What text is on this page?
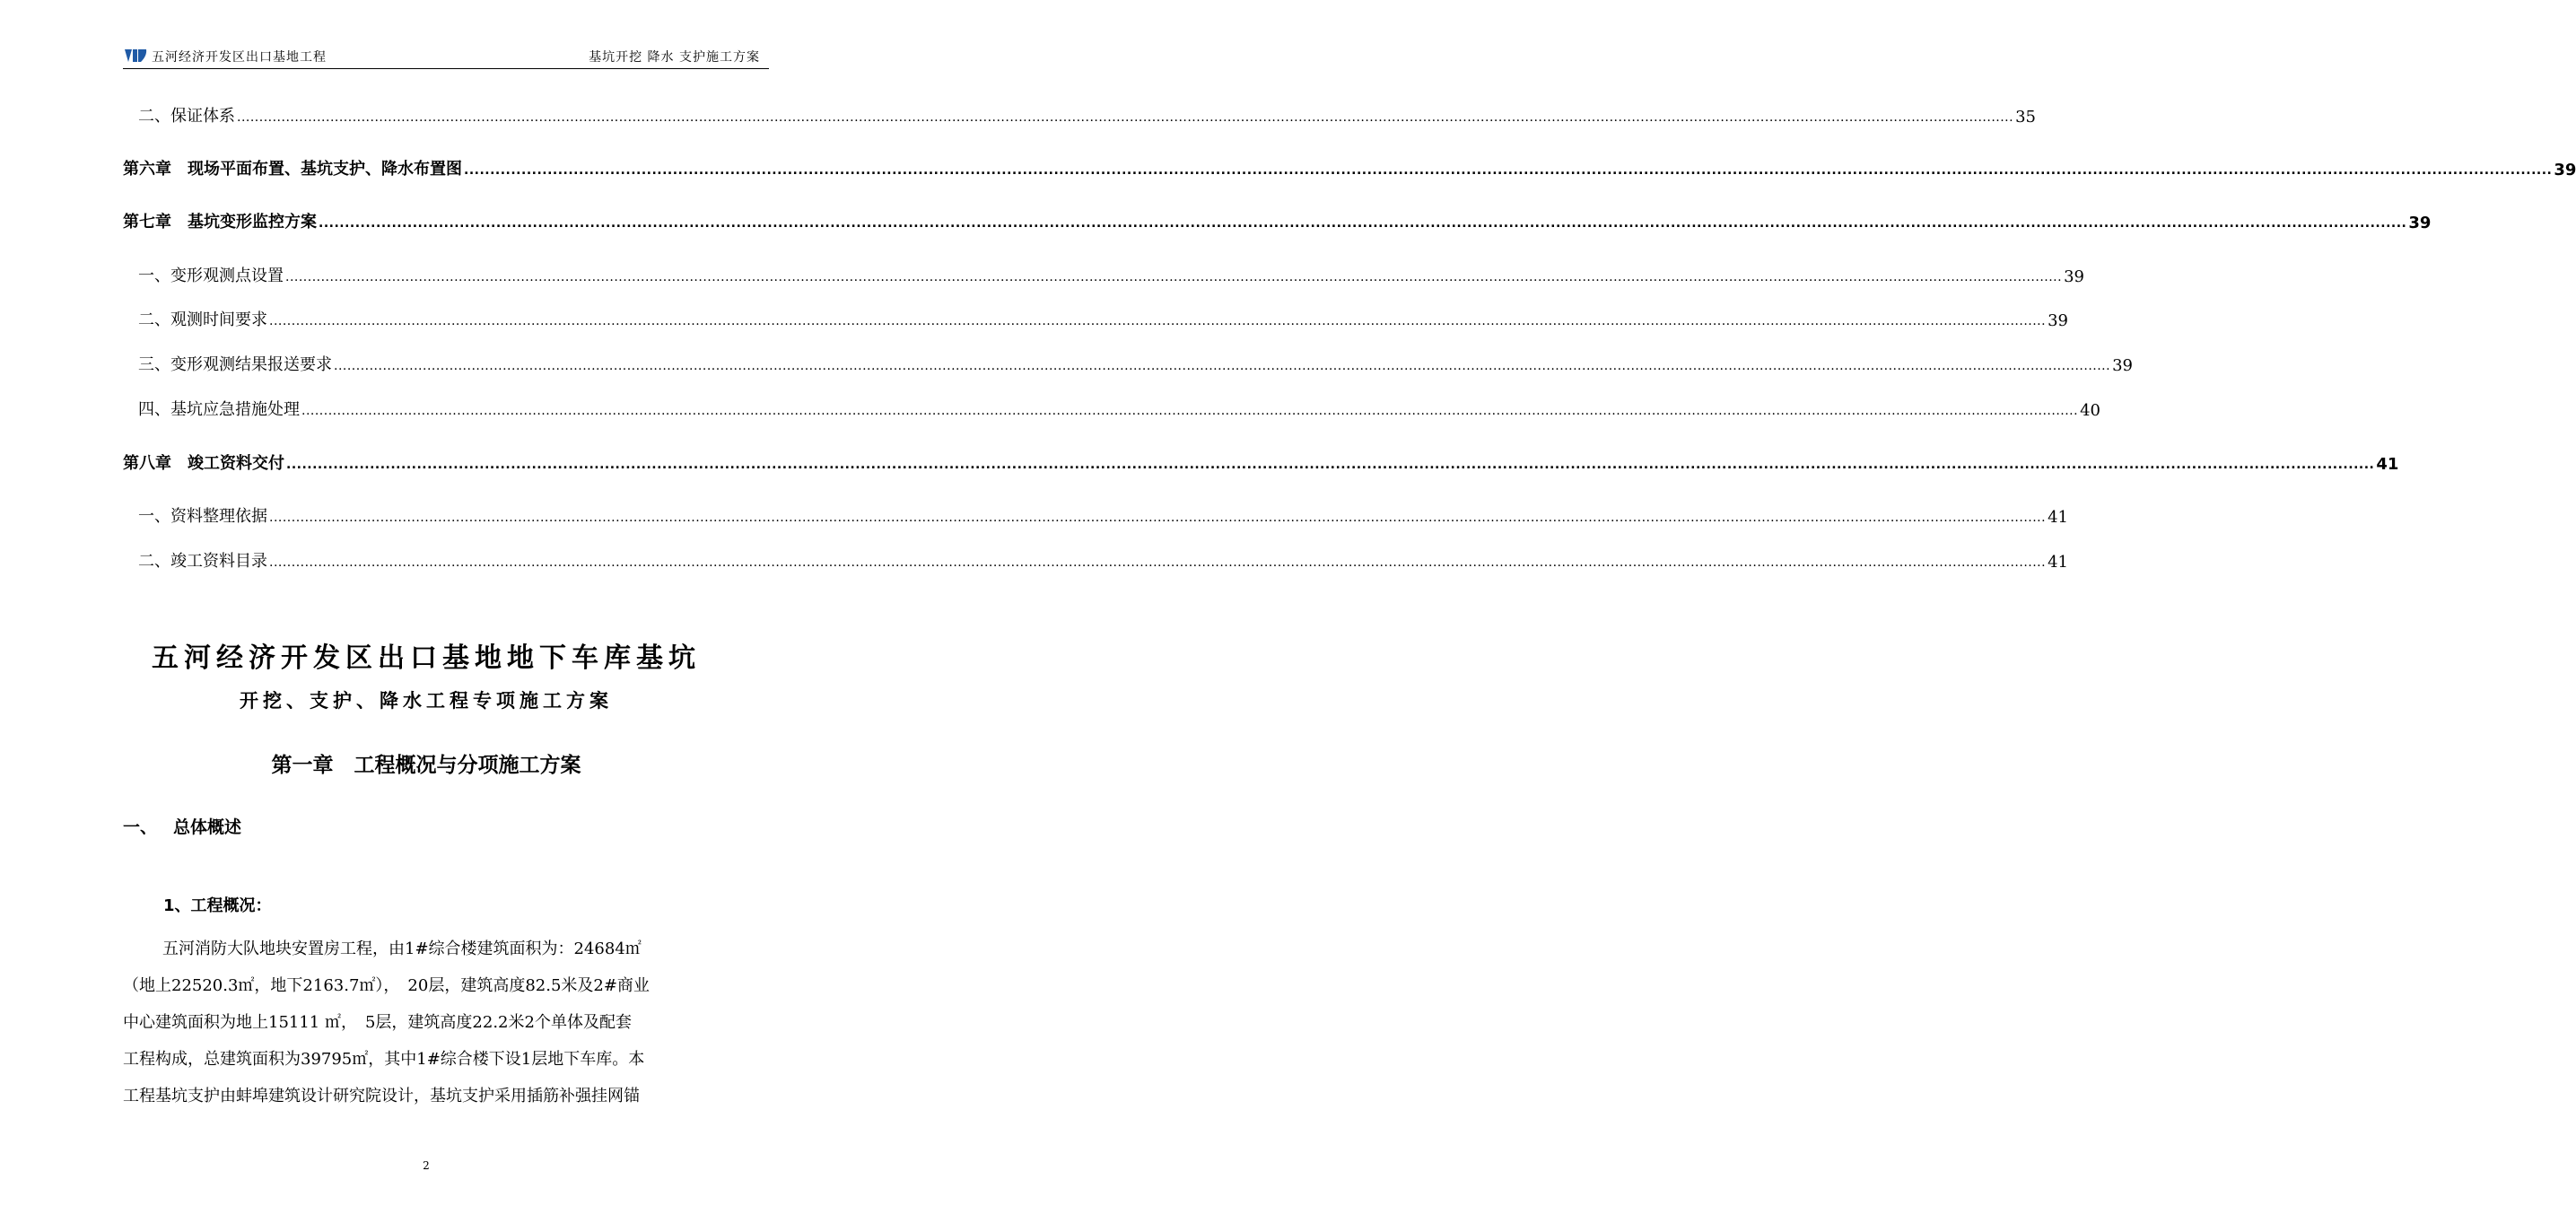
五河经济开发区出口基地工程	基坑开挖 降水 支护施工方案
二、保证体系 ................................................................................................................................................................................................................................................................................................................................................................................................................ 35
第六章　现场平面布置、基坑支护、降水布置图 ................................................................................................................................................................................................................................................................................................................................................................................................................ 39
第七章　基坑变形监控方案 ................................................................................................................................................................................................................................................................................................................................................................................................................ 39
一、变形观测点设置 ................................................................................................................................................................................................................................................................................................................................................................................................................ 39
二、观测时间要求 ................................................................................................................................................................................................................................................................................................................................................................................................................ 39
三、变形观测结果报送要求 ................................................................................................................................................................................................................................................................................................................................................................................................................ 39
四、基坑应急措施处理 ................................................................................................................................................................................................................................................................................................................................................................................................................ 40
第八章　竣工资料交付 ................................................................................................................................................................................................................................................................................................................................................................................................................ 41
一、资料整理依据 ................................................................................................................................................................................................................................................................................................................................................................................................................ 41
二、竣工资料目录 ................................................................................................................................................................................................................................................................................................................................................................................................................ 41
五河经济开发区出口基地地下车库基坑
开挖、支护、降水工程专项施工方案
第一章　工程概况与分项施工方案
一、 总体概述
1、工程概况：
五河消防大队地块安置房工程，由1#综合楼建筑面积为：24684㎡
（地上22520.3㎡，地下2163.7㎡），　20层，建筑高度82.5米及2#商业
中心建筑面积为地上15111 ㎡，　5层，建筑高度22.2米2个单体及配套
工程构成，总建筑面积为39795㎡，其中1#综合楼下设1层地下车库。本
工程基坑支护由蚌埠建筑设计研究院设计，基坑支护采用插筋补强挂网锚
2
